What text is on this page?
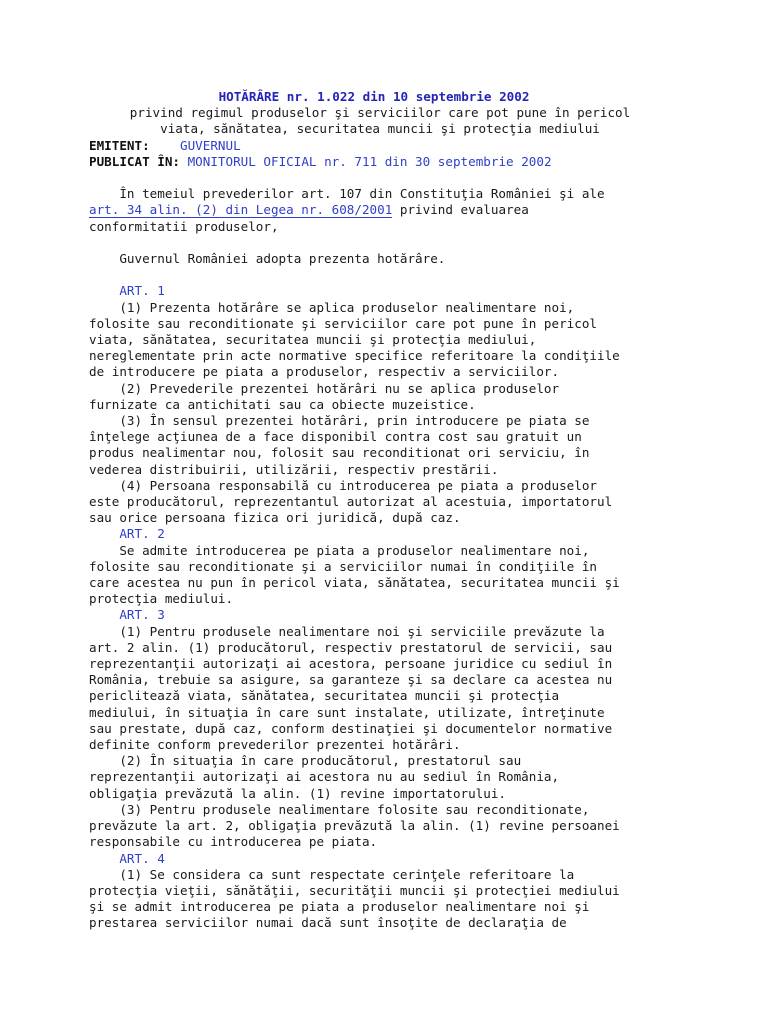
HOTĂRÂRE nr. 1.022 din 10 septembrie 2002
privind regimul produselor şi serviciilor care pot pune în pericol
viata, sănătatea, securitatea muncii şi protecţia mediului
EMITENT: GUVERNUL
PUBLICAT ÎN: MONITORUL OFICIAL nr. 711 din 30 septembrie 2002
În temeiul prevederilor art. 107 din Constituţia României şi ale
art. 34 alin. (2) din Legea nr. 608/2001 privind evaluarea
conformitatii produselor,
Guvernul României adopta prezenta hotărâre.
ART. 1
(1) Prezenta hotărâre se aplica produselor nealimentare noi,
folosite sau reconditionate şi serviciilor care pot pune în pericol
viata, sănătatea, securitatea muncii şi protecţia mediului,
nereglementate prin acte normative specifice referitoare la condiţiile
de introducere pe piata a produselor, respectiv a serviciilor.
(2) Prevederile prezentei hotărâri nu se aplica produselor
furnizate ca antichitati sau ca obiecte muzeistice.
(3) În sensul prezentei hotărâri, prin introducere pe piata se
înţelege acţiunea de a face disponibil contra cost sau gratuit un
produs nealimentar nou, folosit sau reconditionat ori serviciu, în
vederea distribuirii, utilizării, respectiv prestării.
(4) Persoana responsabilă cu introducerea pe piata a produselor
este producătorul, reprezentantul autorizat al acestuia, importatorul
sau orice persoana fizica ori juridică, după caz.
ART. 2
Se admite introducerea pe piata a produselor nealimentare noi,
folosite sau reconditionate şi a serviciilor numai în condiţiile în
care acestea nu pun în pericol viata, sănătatea, securitatea muncii şi
protecţia mediului.
ART. 3
(1) Pentru produsele nealimentare noi şi serviciile prevăzute la
art. 2 alin. (1) producătorul, respectiv prestatorul de servicii, sau
reprezentanţii autorizaţi ai acestora, persoane juridice cu sediul în
România, trebuie sa asigure, sa garanteze şi sa declare ca acestea nu
periclitează viata, sănătatea, securitatea muncii şi protecţia
mediului, în situaţia în care sunt instalate, utilizate, întreţinute
sau prestate, după caz, conform destinaţiei şi documentelor normative
definite conform prevederilor prezentei hotărâri.
(2) În situaţia în care producătorul, prestatorul sau
reprezentanţii autorizaţi ai acestora nu au sediul în România,
obligaţia prevăzută la alin. (1) revine importatorului.
(3) Pentru produsele nealimentare folosite sau reconditionate,
prevăzute la art. 2, obligaţia prevăzută la alin. (1) revine persoanei
responsabile cu introducerea pe piata.
ART. 4
(1) Se considera ca sunt respectate cerinţele referitoare la
protecţia vieţii, sănătăţii, securităţii muncii şi protecţiei mediului
şi se admit introducerea pe piata a produselor nealimentare noi şi
prestarea serviciilor numai dacă sunt însoţite de declaraţia de
